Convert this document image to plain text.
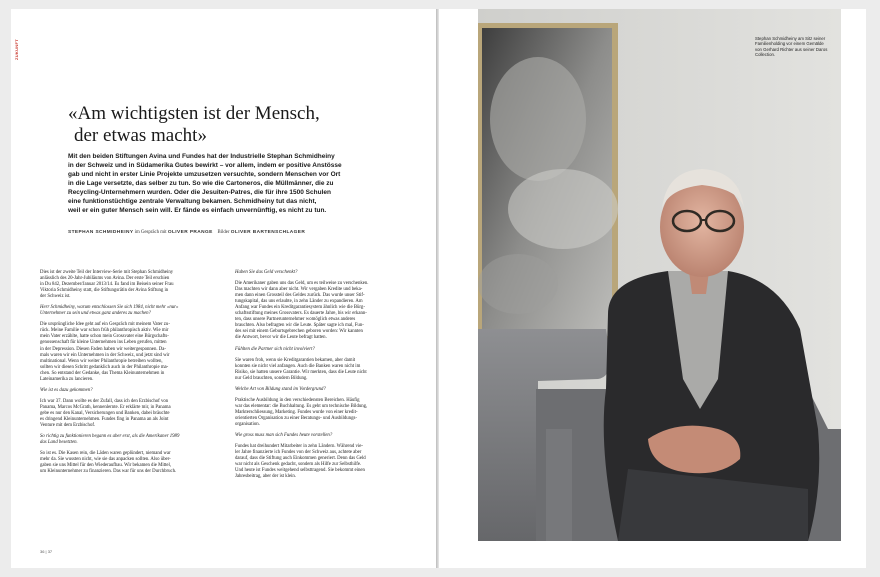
ZUKUNFT
«Am wichtigsten ist der Mensch,
der etwas macht»
Mit den beiden Stiftungen Avina und Fundes hat der Industrielle Stephan Schmidheiny
in der Schweiz und in Südamerika Gutes bewirkt – vor allem, indem er positive Anstösse
gab und nicht in erster Linie Projekte umzusetzen versuchte, sondern Menschen vor Ort
in die Lage versetzte, das selber zu tun. So wie die Cartoneros, die Müllmänner, die zu
Recycling-Unternehmern wurden. Oder die Jesuiten-Patres, die für ihre 1500 Schulen
eine funktionstüchtige zentrale Verwaltung bekamen. Schmidheiny tut das nicht,
weil er ein guter Mensch sein will. Er fände es einfach unvernünftig, es nicht zu tun.
STEPHAN SCHMIDHEINY im Gespräch mit OLIVER PRANGE Bilder OLIVER BARTENSCHLAGER

Dies ist der zweite Teil der Interview-Serie mit Stephan Schmidheiny
anlässlich des 20-Jahr-Jubiläums von Avina. Der erste Teil erschien
in Du 842, Dezember/Januar 2013/14. Es fand im Beisein seiner Frau
Viktoria Schmidheiny statt, die Stiftungsrätin der Avina Stiftung in
der Schweiz ist.

Herr Schmidheiny, warum entschlossen Sie sich 1984, nicht mehr «nur»
Unternehmer zu sein und etwas ganz anderes zu machen?

Die ursprüngliche Idee geht auf ein Gespräch mit meinem Vater zu-
rück. Meine Familie war schon früh philanthropisch aktiv. Wie mir
mein Vater erzählte, hatte schon mein Grossvater eine Bürgschafts-
genossenschaft für kleine Unternehmen ins Leben gerufen, mitten
in der Depression. Diesen Faden haben wir weitergesponnen. Da-
mals waren wir ein Unternehmen in der Schweiz, und jetzt sind wir
multinational. Wenn wir weiter Philanthropie betreiben wollten,
sollten wir diesen Schritt gedanklich auch in der Philanthropie ma-
chen. So entstand der Gedanke, das Thema Kleinunternehmen in
Lateinamerika zu lancieren.

Wie ist es dazu gekommen?

Ich war 37. Dann wollte es der Zufall, dass ich den Erzbischof von
Panama, Marcos McGrath, kennenlernte. Er erklärte mir, in Panama
gebe es nur den Kanal, Versicherungen und Banken, dabei bräuchte
es dringend Kleinunternehmen. Fundes fing in Panama an als Joint
Venture mit dem Erzbischof.

So richtig zu funktionieren begann es aber erst, als die Amerikaner 1989
das Land besetzten.

So ist es. Die Kasen rein, die Läden waren geplündert, niemand war
mehr da. Sie wussten nicht, wie sie das anpacken sollten. Also über-
gaben sie uns Mittel für den Wiederaufbau. Wir bekamen die Mittel,
um Kleinunternehmer zu finanzieren. Das war für uns der Durchbruch.

Haben Sie das Geld verschenkt?

Die Amerikaner gaben uns das Geld, um es teilweise zu verschenken.
Das machten wir dann aber nicht. Wir vergaben Kredite und beka-
men dann einen Grossteil des Geldes zurück. Das wurde unser Stif-
tungskapital, das uns erlaubte, in zehn Länder zu expandieren. Am
Anfang war Fundes ein Kreditgarantiesystem ähnlich wie die Bürg-
schaftsstiftung meines Grossvaters. Es dauerte Jahre, bis wir erkann-
ten, dass unsere Partnerunternehmer womöglich etwas anderes
brauchten. Also befragten wir die Leute. Später sagte ich mal, Fun-
des sei mit einem Geburtsgebrechen geboren worden: Wir kannten
die Antwort, bevor wir die Leute befragt hatten.

Fühlten die Partner sich nicht involviert?

Sie waren froh, wenn sie Kreditgarantien bekamen, aber damit
konnten sie nicht viel anfangen. Auch die Banken waren nicht im
Risiko, sie hatten unsere Garantie. Wir merkten, dass die Leute nicht
nur Geld brauchten, sondern Bildung.

Welche Art von Bildung stand im Vordergrund?

Praktische Ausbildung in den verschiedensten Bereichen. Häufig
war das elementar: die Buchhaltung. Es geht um technische Bildung,
Markterschliessung, Marketing. Fundes wurde von einer kredit-
orientierten Organisation zu einer Beratungs- und Ausbildungs-
organisation.

Wie gross muss man sich Fundes heute vorstellen?

Fundes hat dreihundert Mitarbeiter in zehn Ländern. Während vie-
ler Jahre finanzierte ich Fundes von der Schweiz aus, achtete aber
darauf, dass die Stiftung auch Einkommen generiert. Denn das Geld
war nicht als Geschenk gedacht, sondern als Hilfe zur Selbsthilfe.
Und heute ist Fundes weitgehend selbsttragend. Sie bekommt einen
Jahresbeitrag, aber der ist klein.

36 | 37
Stephan Schmidheiny am Sitz seiner
Familienholding vor einem Gemälde
von Gerhard Richter aus seiner Daros
Collection.
